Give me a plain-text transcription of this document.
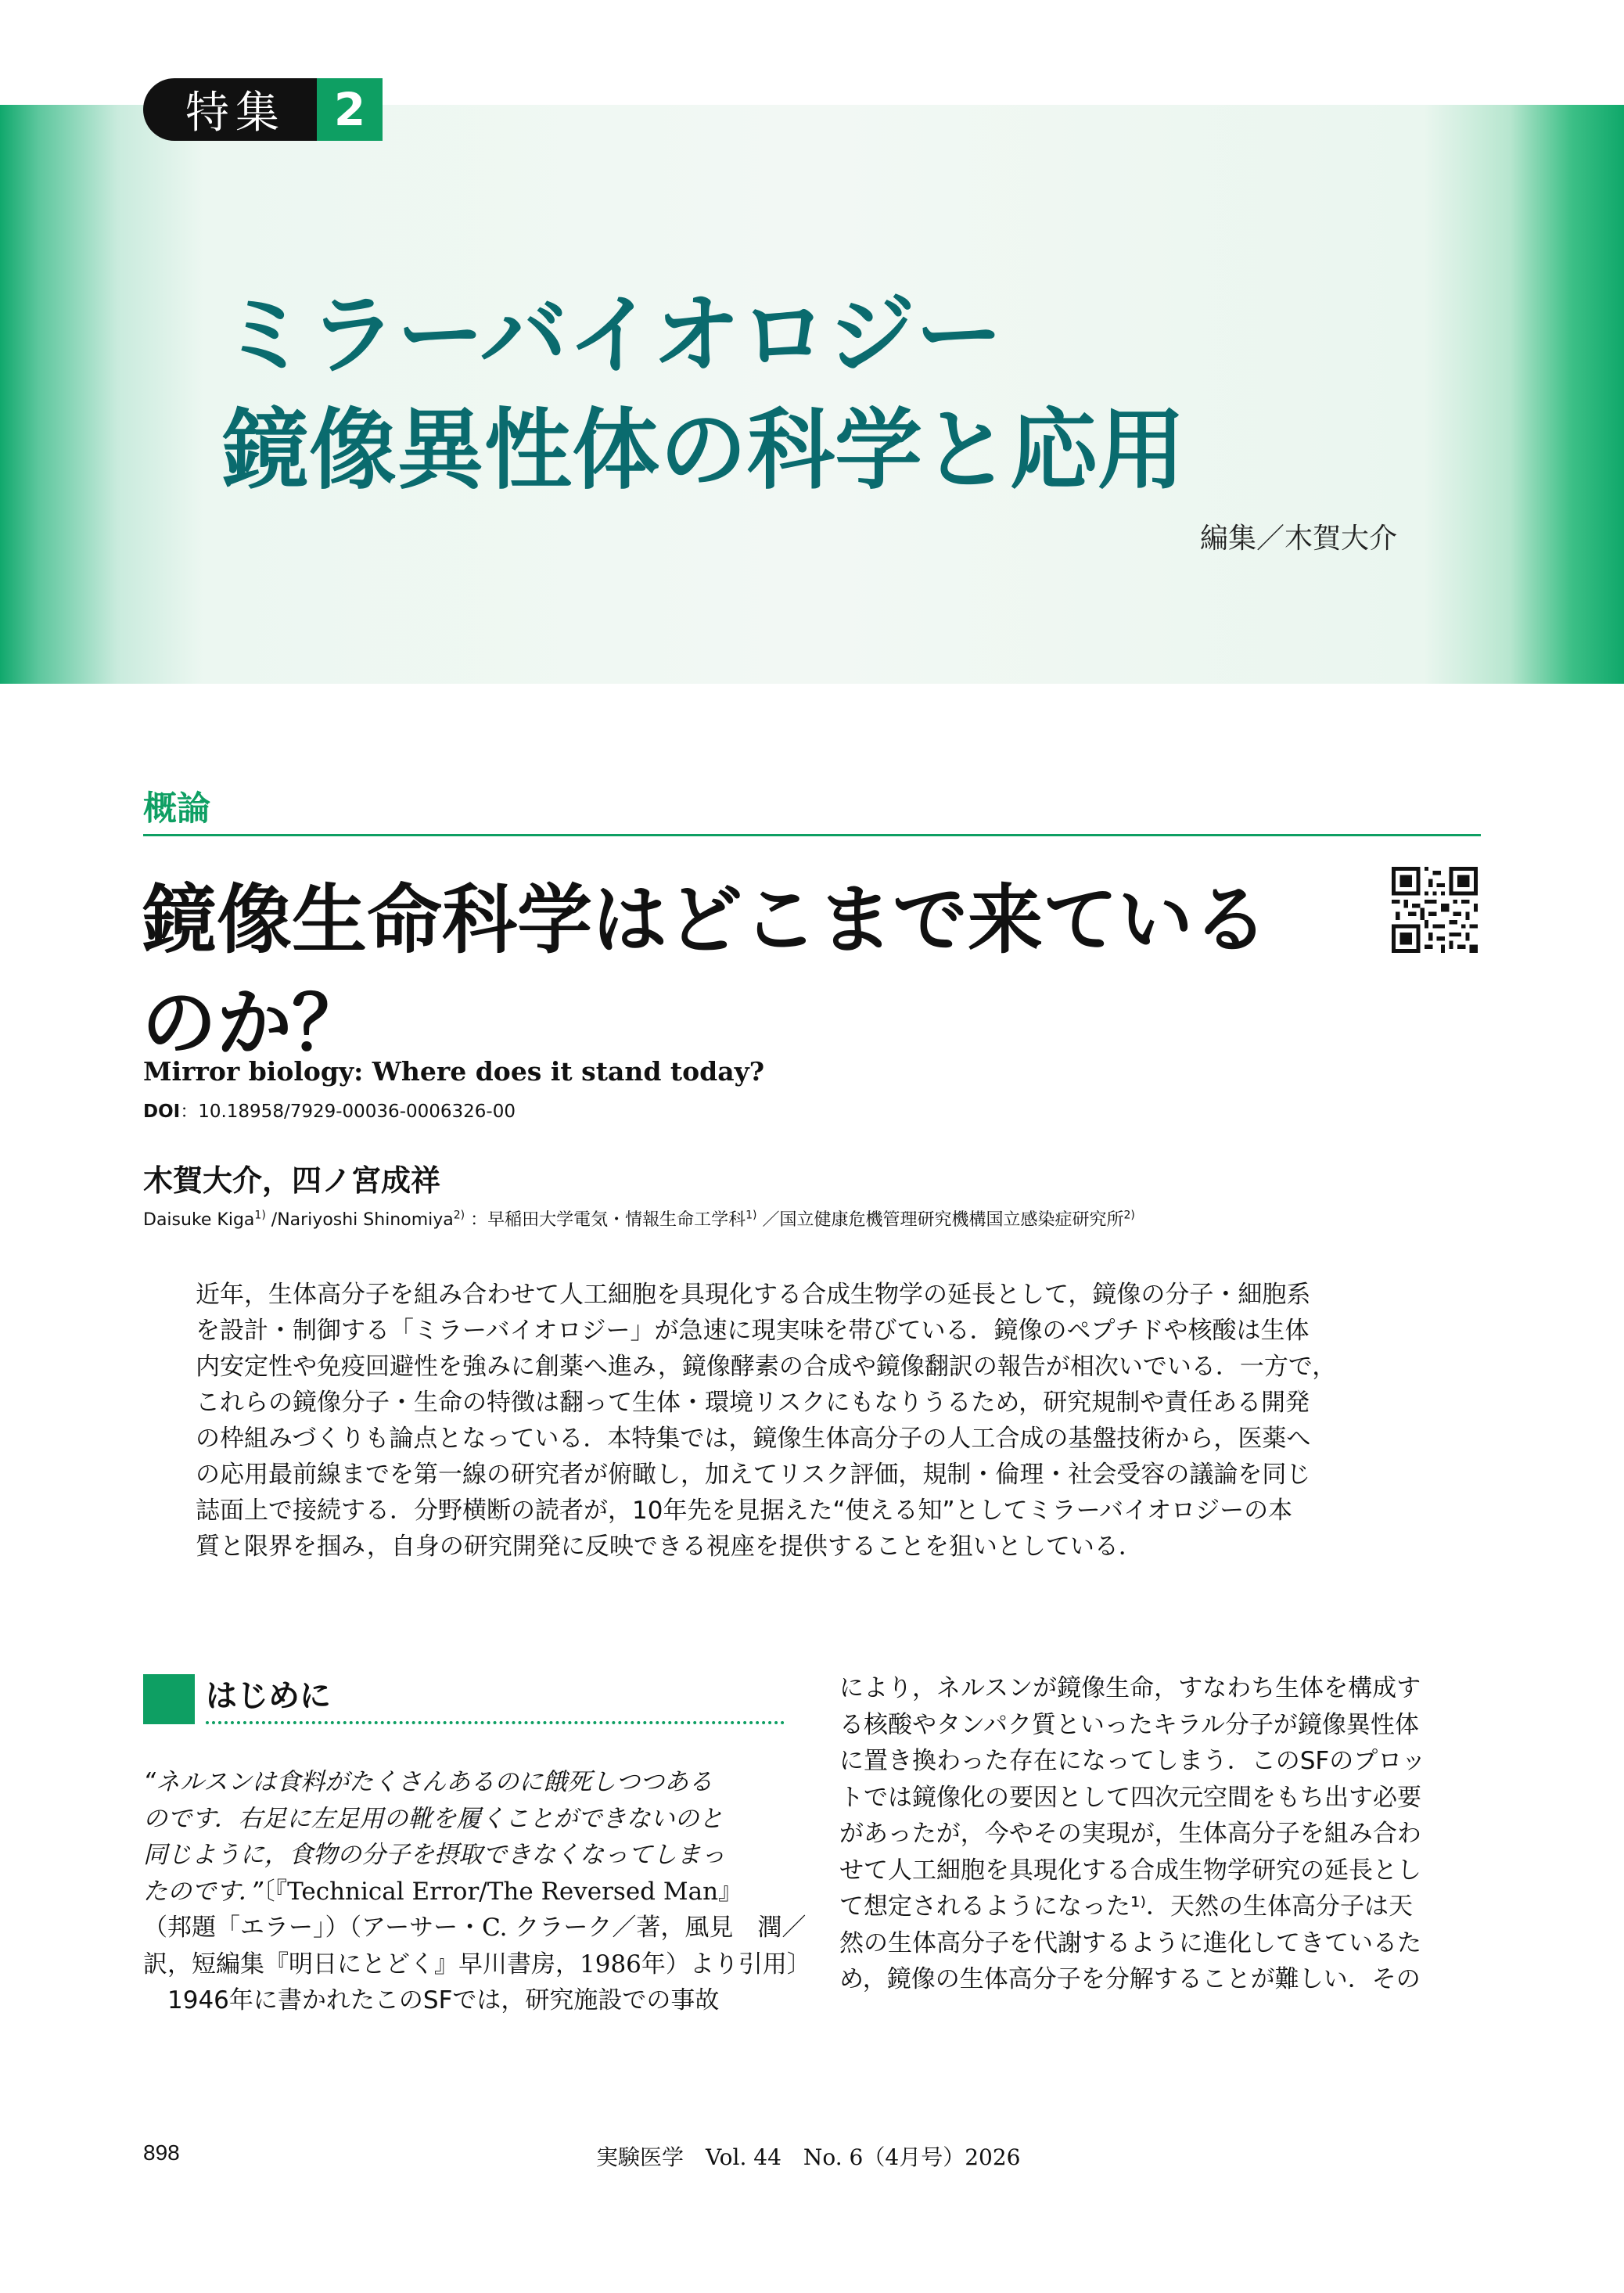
特集	2
ミラーバイオロジー
鏡像異性体の科学と応用
編集／木賀大介
概論
鏡像生命科学はどこまで来ている
のか？
Mirror biology: Where does it stand today?
DOI：10.18958/7929-00036-0006326-00
木賀大介，四ノ宮成祥
Daisuke Kiga$^{1)}$ /Nariyoshi Shinomiya$^{2)}$ ：早稲田大学電気・情報生命工学科$^{1)}$ ／国立健康危機管理研究機構国立感染症研究所$^{2)}$
近年，生体高分子を組み合わせて人工細胞を具現化する合成生物学の延長として，鏡像の分子・細胞系
を設計・制御する「ミラーバイオロジー」が急速に現実味を帯びている．鏡像のペプチドや核酸は生体
内安定性や免疫回避性を強みに創薬へ進み，鏡像酵素の合成や鏡像翻訳の報告が相次いでいる．一方で，
これらの鏡像分子・生命の特徴は翻って生体・環境リスクにもなりうるため，研究規制や責任ある開発
の枠組みづくりも論点となっている．本特集では，鏡像生体高分子の人工合成の基盤技術から，医薬へ
の応用最前線までを第一線の研究者が俯瞰し，加えてリスク評価，規制・倫理・社会受容の議論を同じ
誌面上で接続する．分野横断の読者が，10年先を見据えた“使える知”としてミラーバイオロジーの本
質と限界を掴み，自身の研究開発に反映できる視座を提供することを狙いとしている．
はじめに
“ネルスンは食料がたくさんあるのに餓死しつつある
のです．右足に左足用の靴を履くことができないのと
同じように，食物の分子を摂取できなくなってしまっ
たのです．”〔『Technical Error/The Reversed Man』
（邦題「エラー」）（アーサー・C. クラーク／著，風見　潤／
訳，短編集『明日にとどく』早川書房，1986年）より引用〕
　1946年に書かれたこのSFでは，研究施設での事故
により，ネルスンが鏡像生命，すなわち生体を構成す
る核酸やタンパク質といったキラル分子が鏡像異性体
に置き換わった存在になってしまう．このSFのプロッ
トでは鏡像化の要因として四次元空間をもち出す必要
があったが，今やその実現が，生体高分子を組み合わ
せて人工細胞を具現化する合成生物学研究の延長とし
て想定されるようになった¹⁾．天然の生体高分子は天
然の生体高分子を代謝するように進化してきているた
め，鏡像の生体高分子を分解することが難しい．その
898	実験医学　Vol. 44　No. 6（4月号）2026
